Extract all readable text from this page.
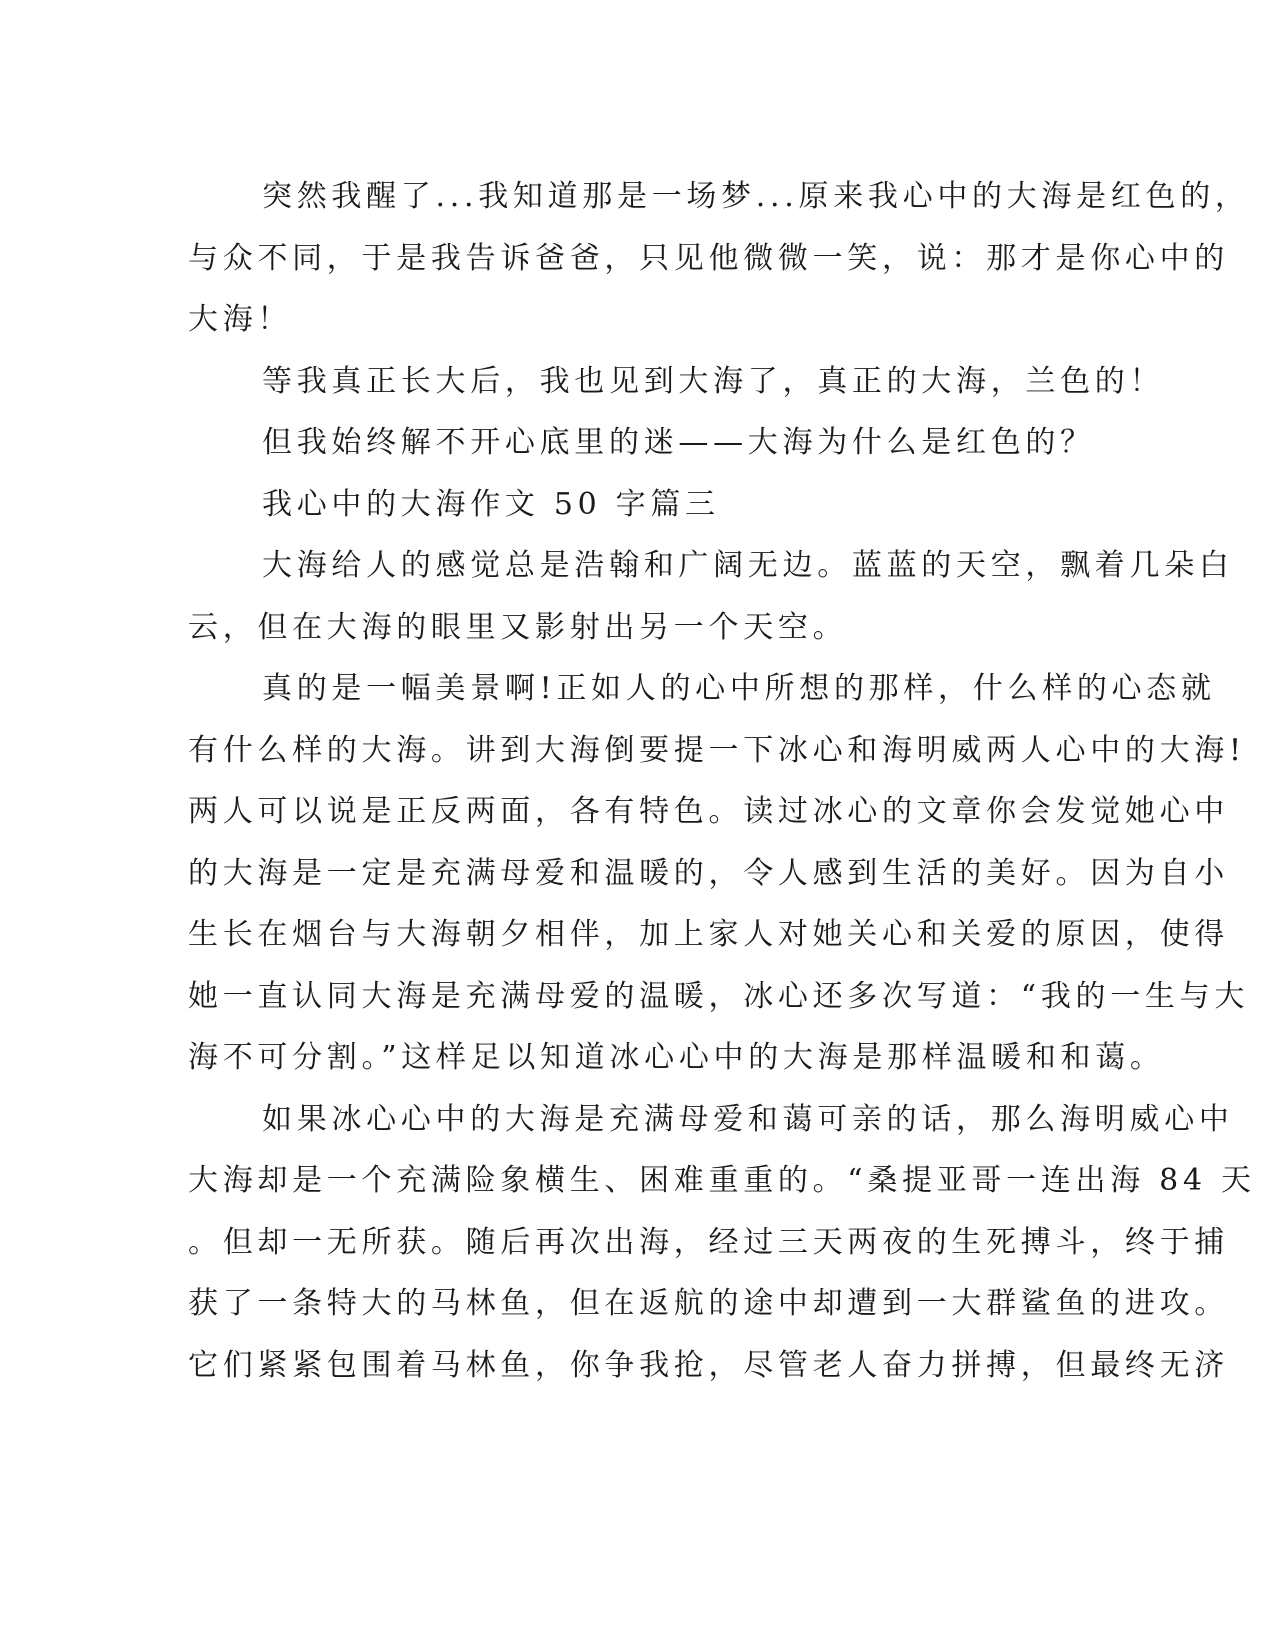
突然我醒了...我知道那是一场梦...原来我心中的大海是红色的，
与众不同，于是我告诉爸爸，只见他微微一笑，说：那才是你心中的
大海！
等我真正长大后，我也见到大海了，真正的大海，兰色的！
但我始终解不开心底里的迷——大海为什么是红色的？
我心中的大海作文 50 字篇三
大海给人的感觉总是浩翰和广阔无边。蓝蓝的天空，飘着几朵白
云，但在大海的眼里又影射出另一个天空。
真的是一幅美景啊!正如人的心中所想的那样，什么样的心态就
有什么样的大海。讲到大海倒要提一下冰心和海明威两人心中的大海!
两人可以说是正反两面，各有特色。读过冰心的文章你会发觉她心中
的大海是一定是充满母爱和温暖的，令人感到生活的美好。因为自小
生长在烟台与大海朝夕相伴，加上家人对她关心和关爱的原因，使得
她一直认同大海是充满母爱的温暖，冰心还多次写道：“我的一生与大
海不可分割。”这样足以知道冰心心中的大海是那样温暖和和蔼。
如果冰心心中的大海是充满母爱和蔼可亲的话，那么海明威心中
大海却是一个充满险象横生、困难重重的。“桑提亚哥一连出海 84 天
。但却一无所获。随后再次出海，经过三天两夜的生死搏斗，终于捕
获了一条特大的马林鱼，但在返航的途中却遭到一大群鲨鱼的进攻。
它们紧紧包围着马林鱼，你争我抢，尽管老人奋力拼搏，但最终无济
